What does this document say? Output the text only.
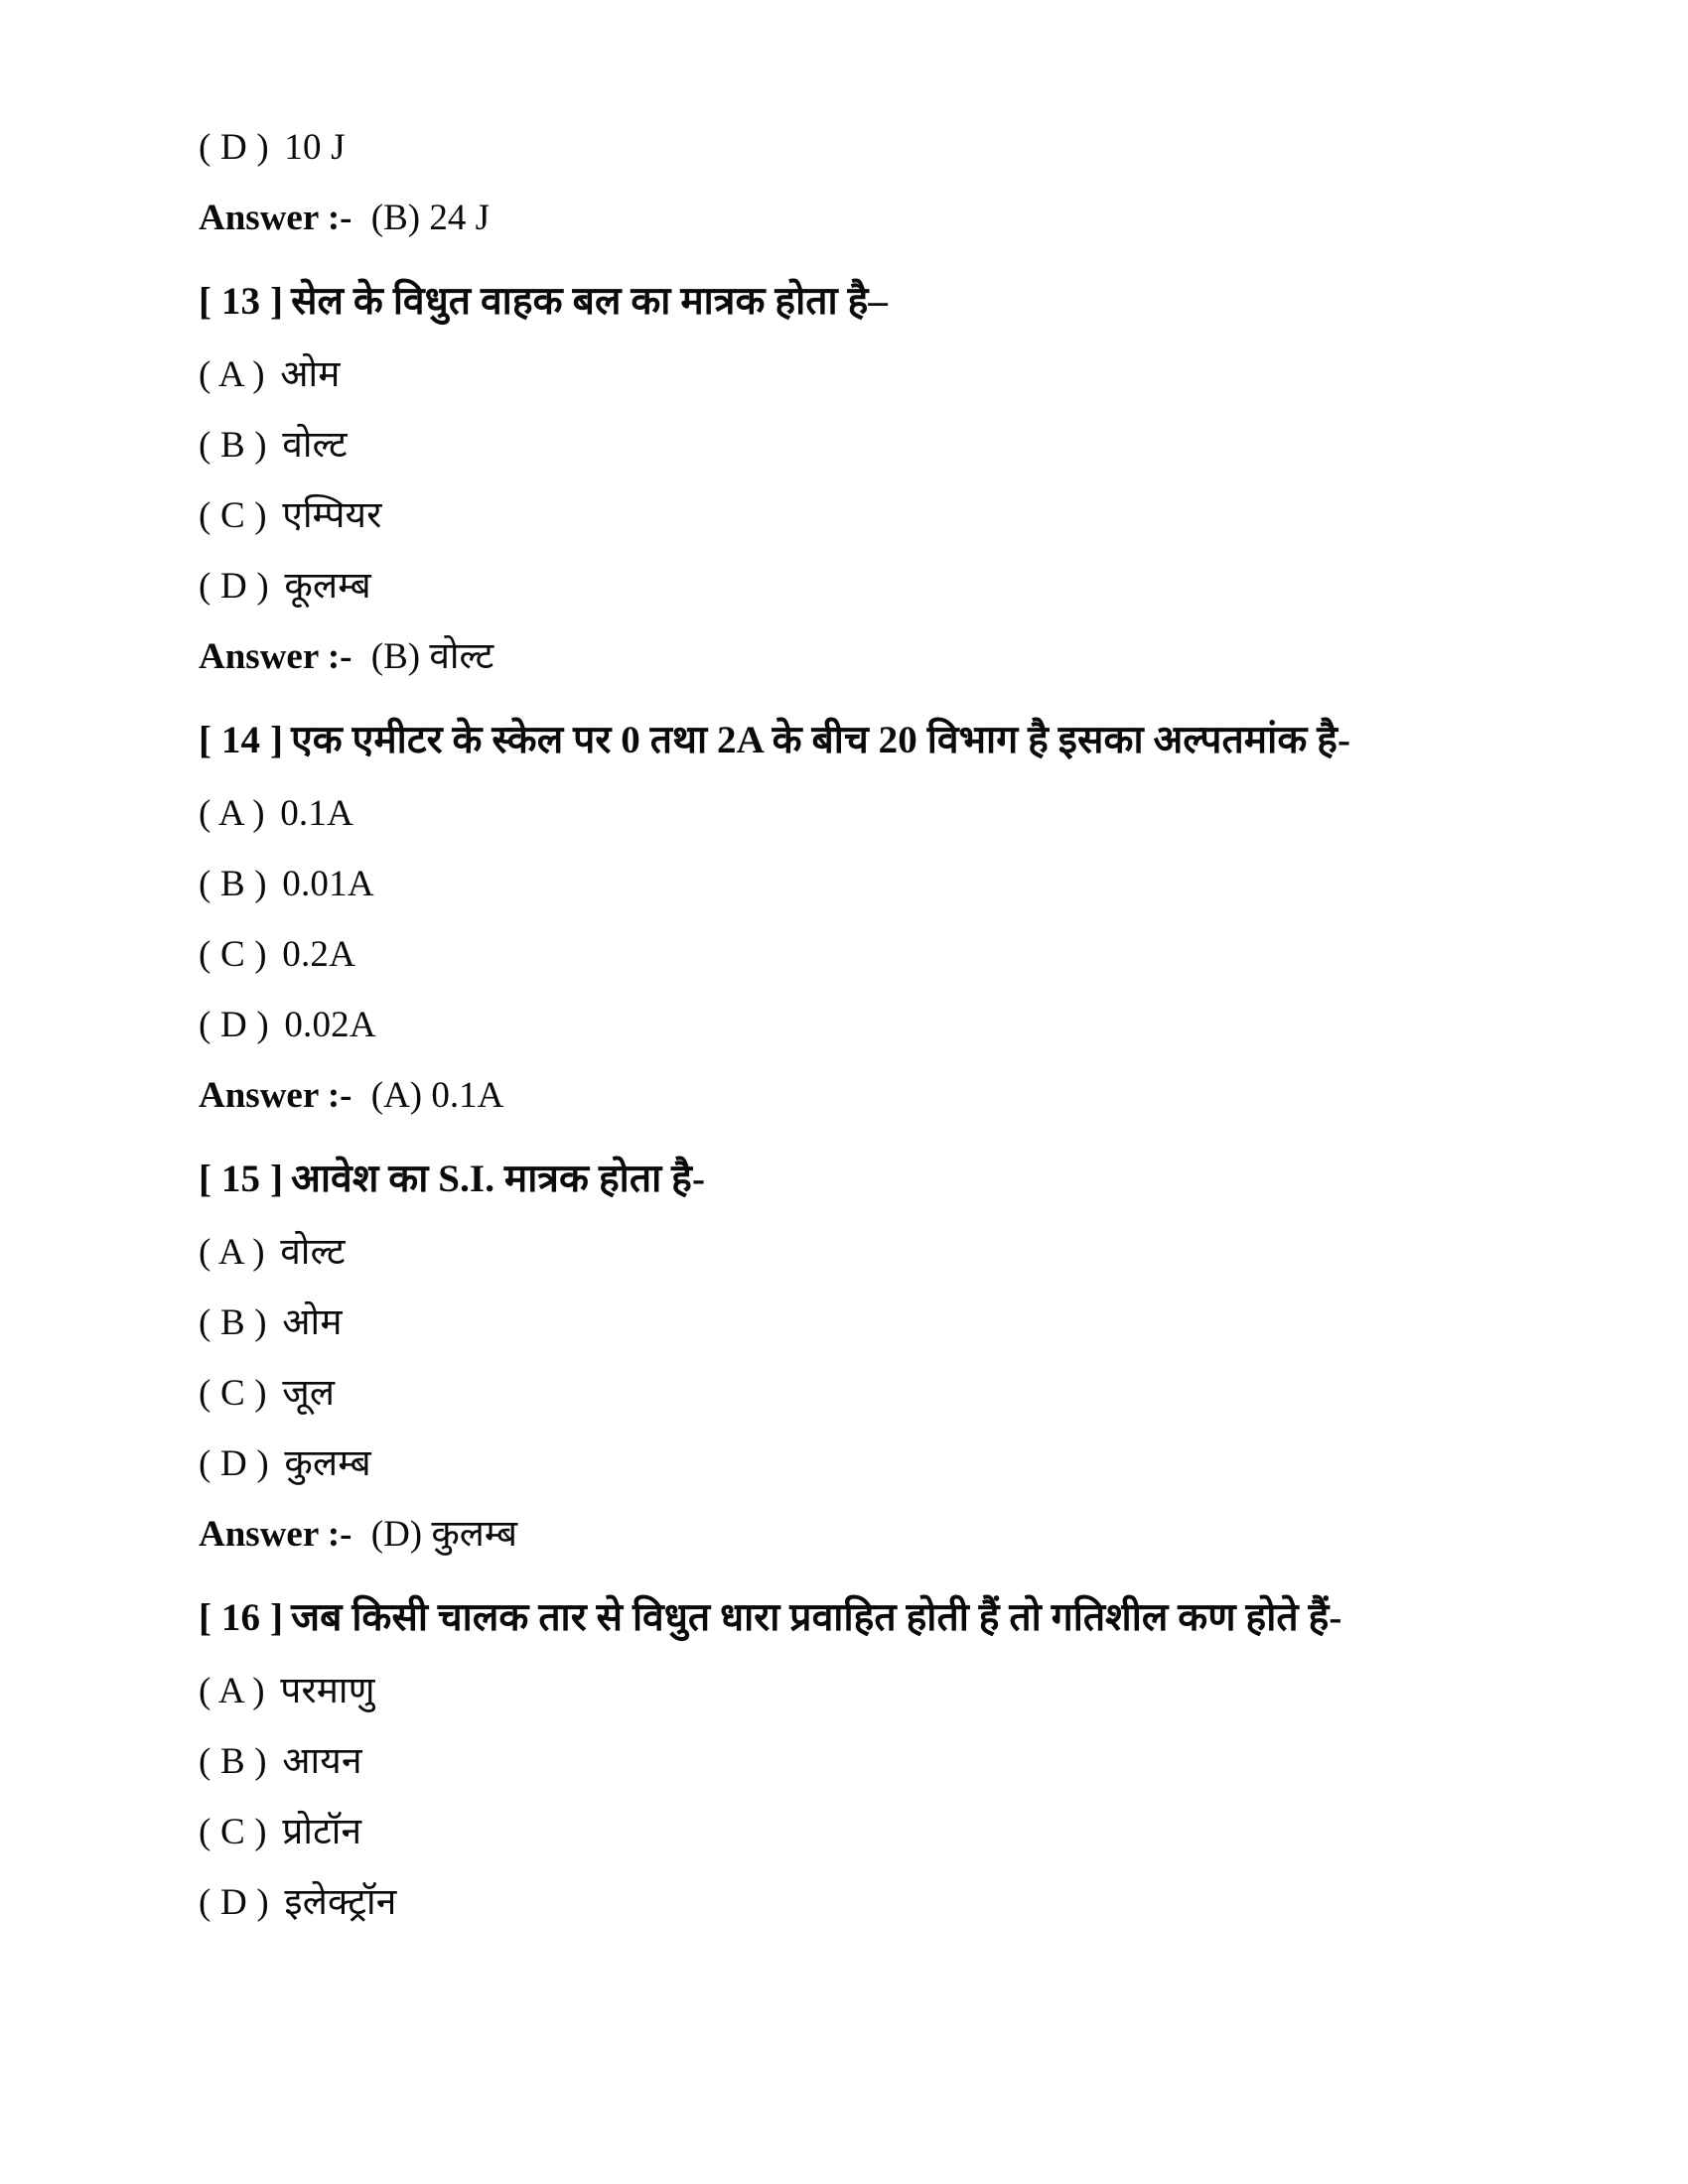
( D ) 10 J
Answer :- (B) 24 J
[ 13 ] सेल के विधुत वाहक बल का मात्रक होता है–
( A ) ओम
( B ) वोल्ट
( C ) एम्पियर
( D ) कूलम्ब
Answer :- (B) वोल्ट
[ 14 ] एक एमीटर के स्केल पर 0 तथा 2A के बीच 20 विभाग है इसका अल्पतमांक है-
( A ) 0.1A
( B ) 0.01A
( C ) 0.2A
( D ) 0.02A
Answer :- (A) 0.1A
[ 15 ] आवेश का S.I. मात्रक होता है-
( A ) वोल्ट
( B ) ओम
( C ) जूल
( D ) कुलम्ब
Answer :- (D) कुलम्ब
[ 16 ] जब किसी चालक तार से विधुत धारा प्रवाहित होती हैं तो गतिशील कण होते हैं-
( A ) परमाणु
( B ) आयन
( C ) प्रोटॉन
( D ) इलेक्ट्रॉन
